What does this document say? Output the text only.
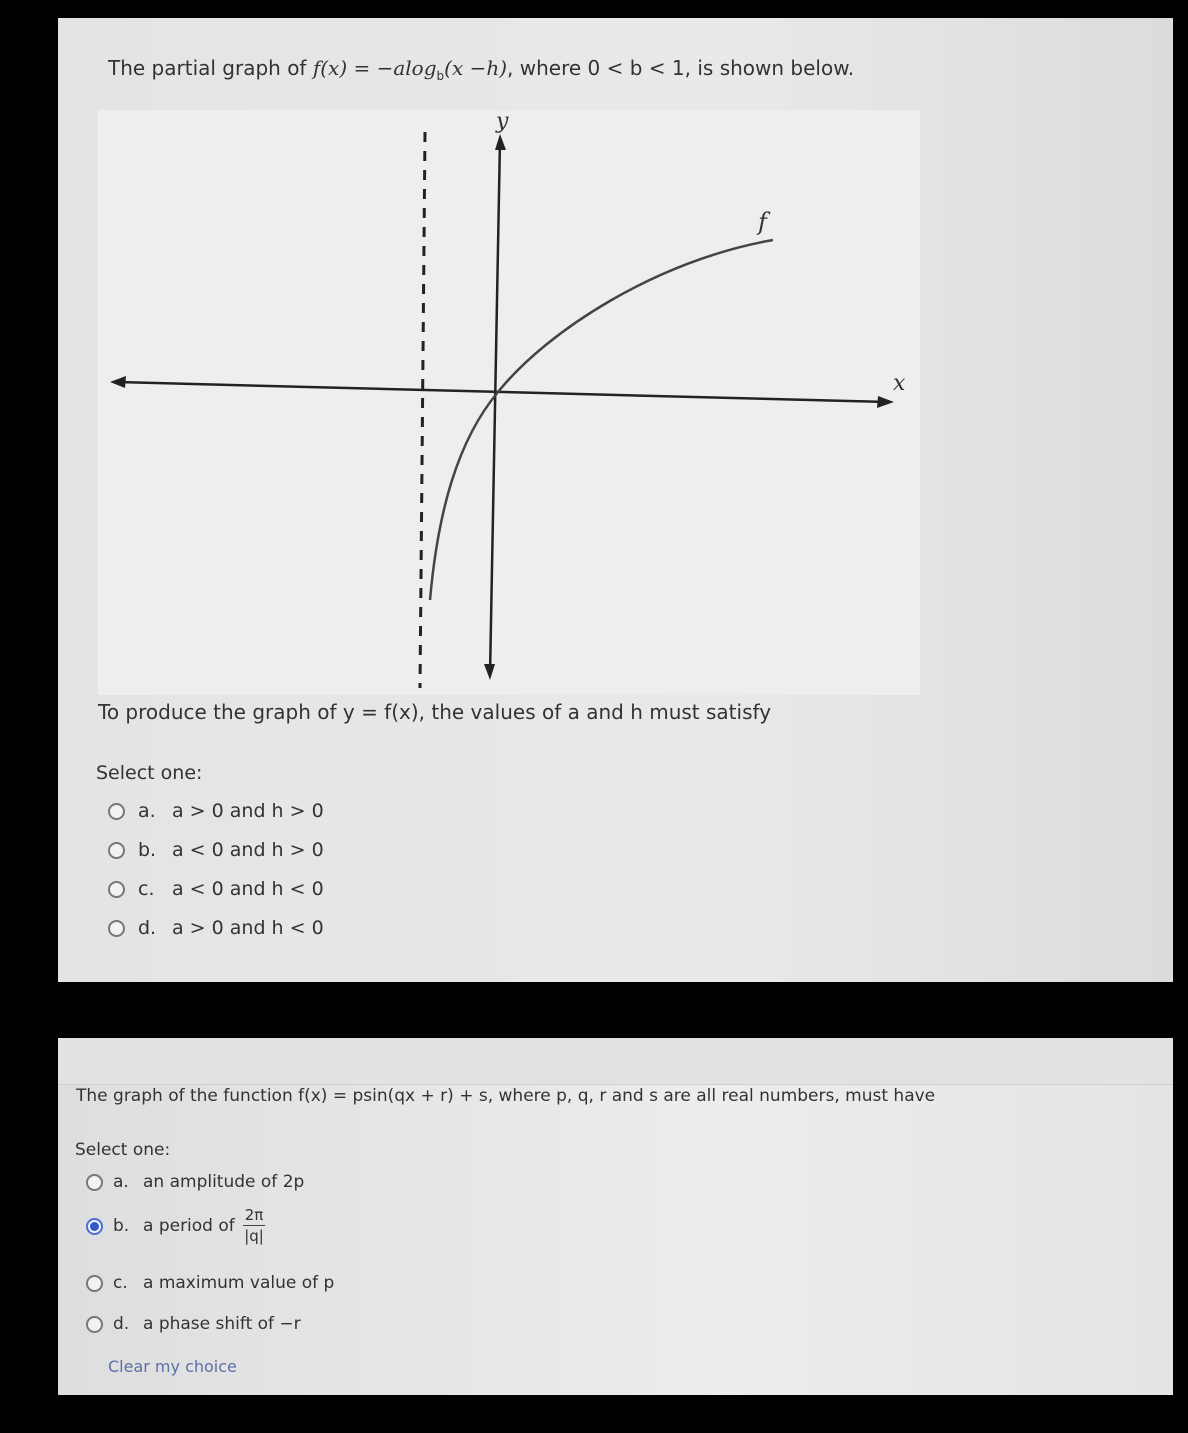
The partial graph of f(x) = −alog$_b$(x −h), where 0 < b < 1, is shown below.
y
x
f
To produce the graph of y = f(x), the values of a and h must satisfy
Select one:
a. a > 0 and h > 0
b. a < 0 and h > 0
c. a < 0 and h < 0
d. a > 0 and h < 0
The graph of the function f(x) = psin(qx + r) + s, where p, q, r and s are all real numbers, must have
Select one:
a. an amplitude of 2p
b. a period of $\frac{2\pi}{|q|}$
c. a maximum value of p
d. a phase shift of −r
Clear my choice
